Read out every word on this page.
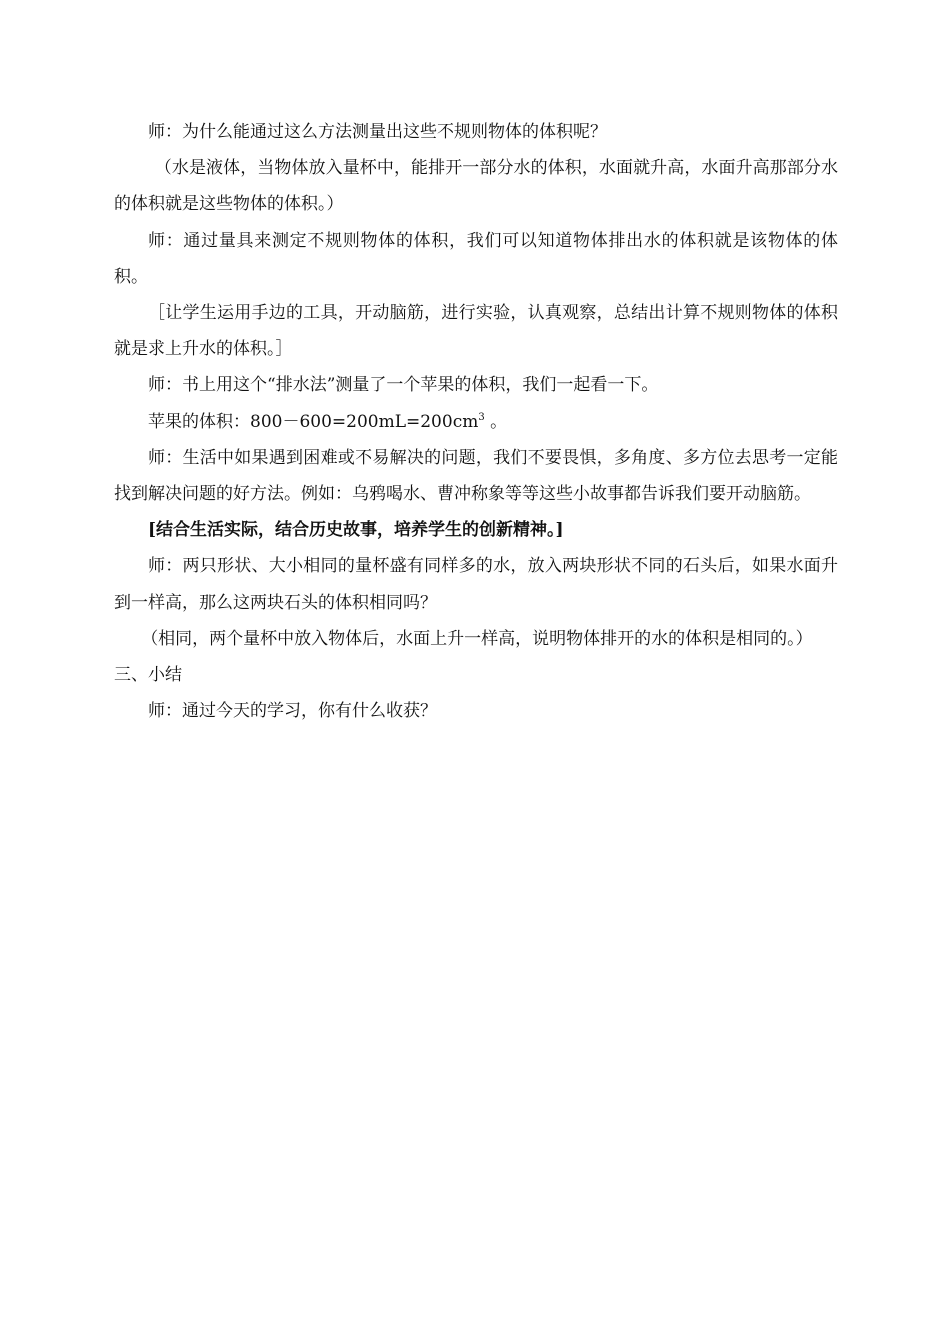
师：为什么能通过这么方法测量出这些不规则物体的体积呢？

（水是液体，当物体放入量杯中，能排开一部分水的体积，水面就升高，水面升高那部分水的体积就是这些物体的体积。）

师：通过量具来测定不规则物体的体积，我们可以知道物体排出水的体积就是该物体的体积。

［让学生运用手边的工具，开动脑筋，进行实验，认真观察，总结出计算不规则物体的体积就是求上升水的体积。］

师：书上用这个“排水法”测量了一个苹果的体积，我们一起看一下。

苹果的体积：$800-600=200mL=200cm^3$ 。

师：生活中如果遇到困难或不易解决的问题，我们不要畏惧，多角度、多方位去思考一定能找到解决问题的好方法。例如：乌鸦喝水、曹冲称象等等这些小故事都告诉我们要开动脑筋。

[结合生活实际，结合历史故事，培养学生的创新精神。]

师：两只形状、大小相同的量杯盛有同样多的水，放入两块形状不同的石头后，如果水面升到一样高，那么这两块石头的体积相同吗？

（相同，两个量杯中放入物体后，水面上升一样高，说明物体排开的水的体积是相同的。）

三、小结

师：通过今天的学习，你有什么收获？
